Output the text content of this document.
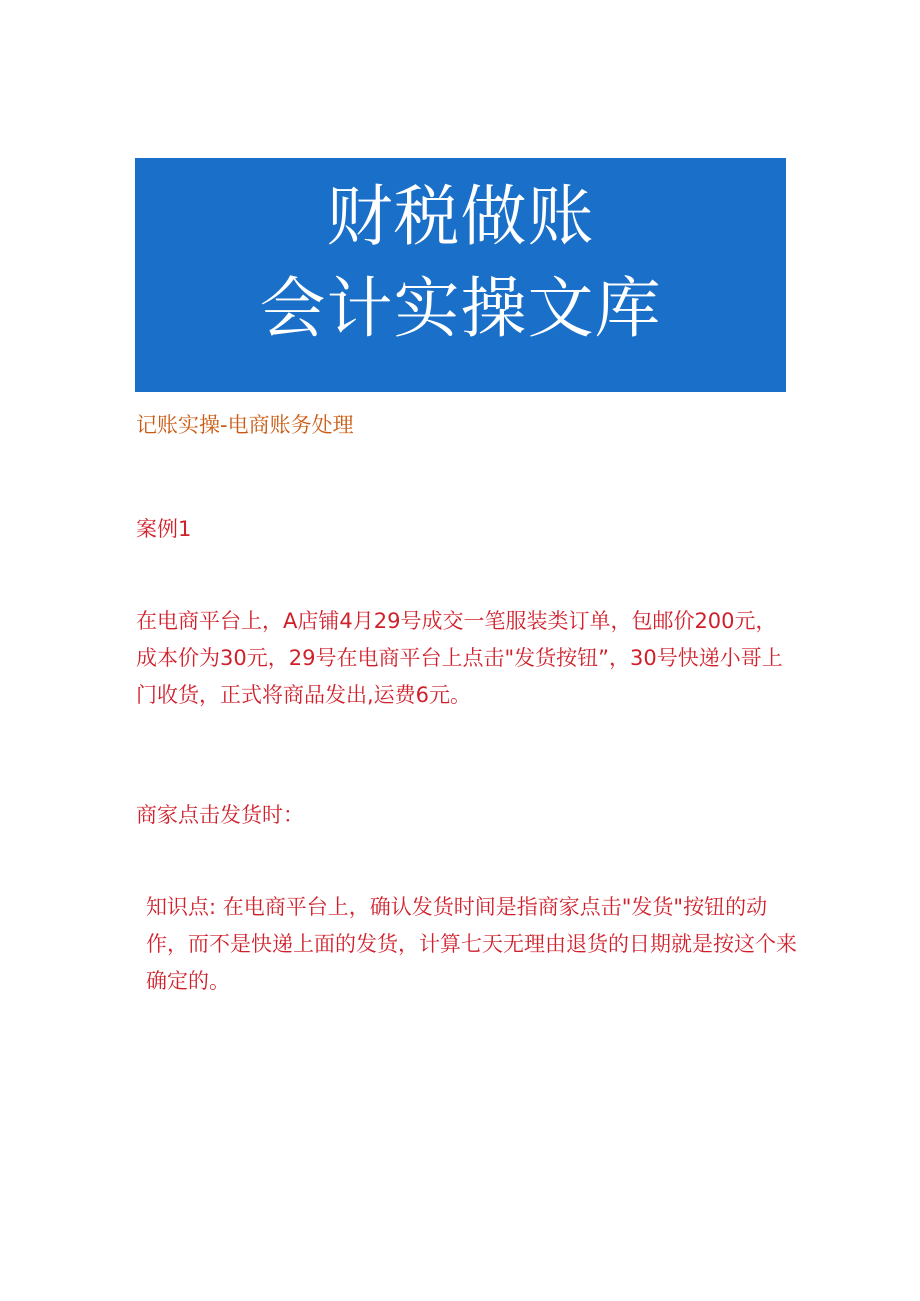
财税做账
会计实操文库
记账实操-电商账务处理

案例1

在电商平台上，A店铺4月29号成交一笔服装类订单，包邮价200元，成本价为30元，29号在电商平台上点击"发货按钮”，30号快递小哥上门收货，正式将商品发出,运费6元。

商家点击发货时：

知识点: 在电商平台上，确认发货时间是指商家点击"发货"按钮的动作，而不是快递上面的发货，计算七天无理由退货的日期就是按这个来确定的。
